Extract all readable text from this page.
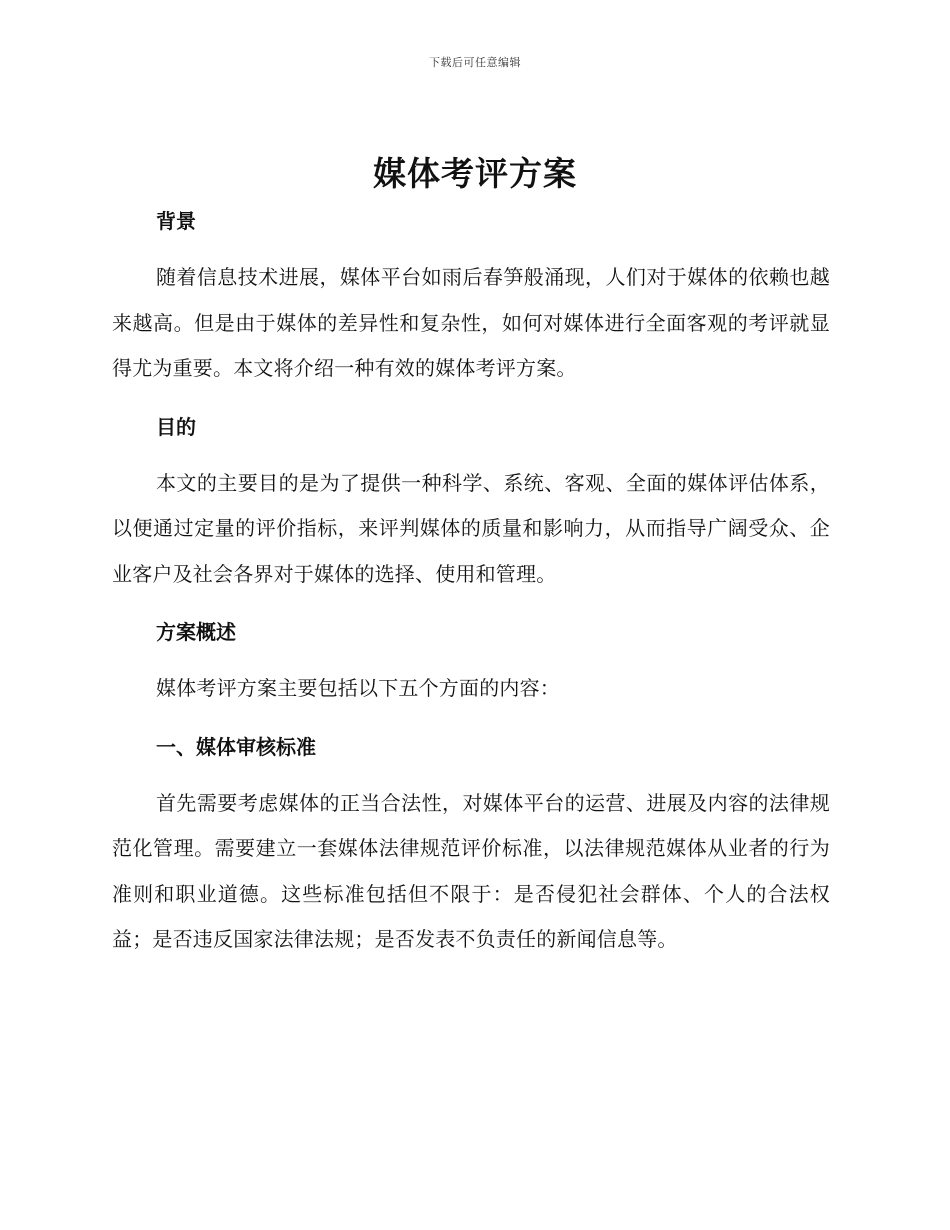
下载后可任意编辑
媒体考评方案
背景

随着信息技术进展，媒体平台如雨后春笋般涌现，人们对于媒体的依赖也越来越高。但是由于媒体的差异性和复杂性，如何对媒体进行全面客观的考评就显得尤为重要。本文将介绍一种有效的媒体考评方案。

目的

本文的主要目的是为了提供一种科学、系统、客观、全面的媒体评估体系，以便通过定量的评价指标，来评判媒体的质量和影响力，从而指导广阔受众、企业客户及社会各界对于媒体的选择、使用和管理。

方案概述

媒体考评方案主要包括以下五个方面的内容：

一、媒体审核标准

首先需要考虑媒体的正当合法性，对媒体平台的运营、进展及内容的法律规范化管理。需要建立一套媒体法律规范评价标准，以法律规范媒体从业者的行为准则和职业道德。这些标准包括但不限于：是否侵犯社会群体、个人的合法权益；是否违反国家法律法规；是否发表不负责任的新闻信息等。
